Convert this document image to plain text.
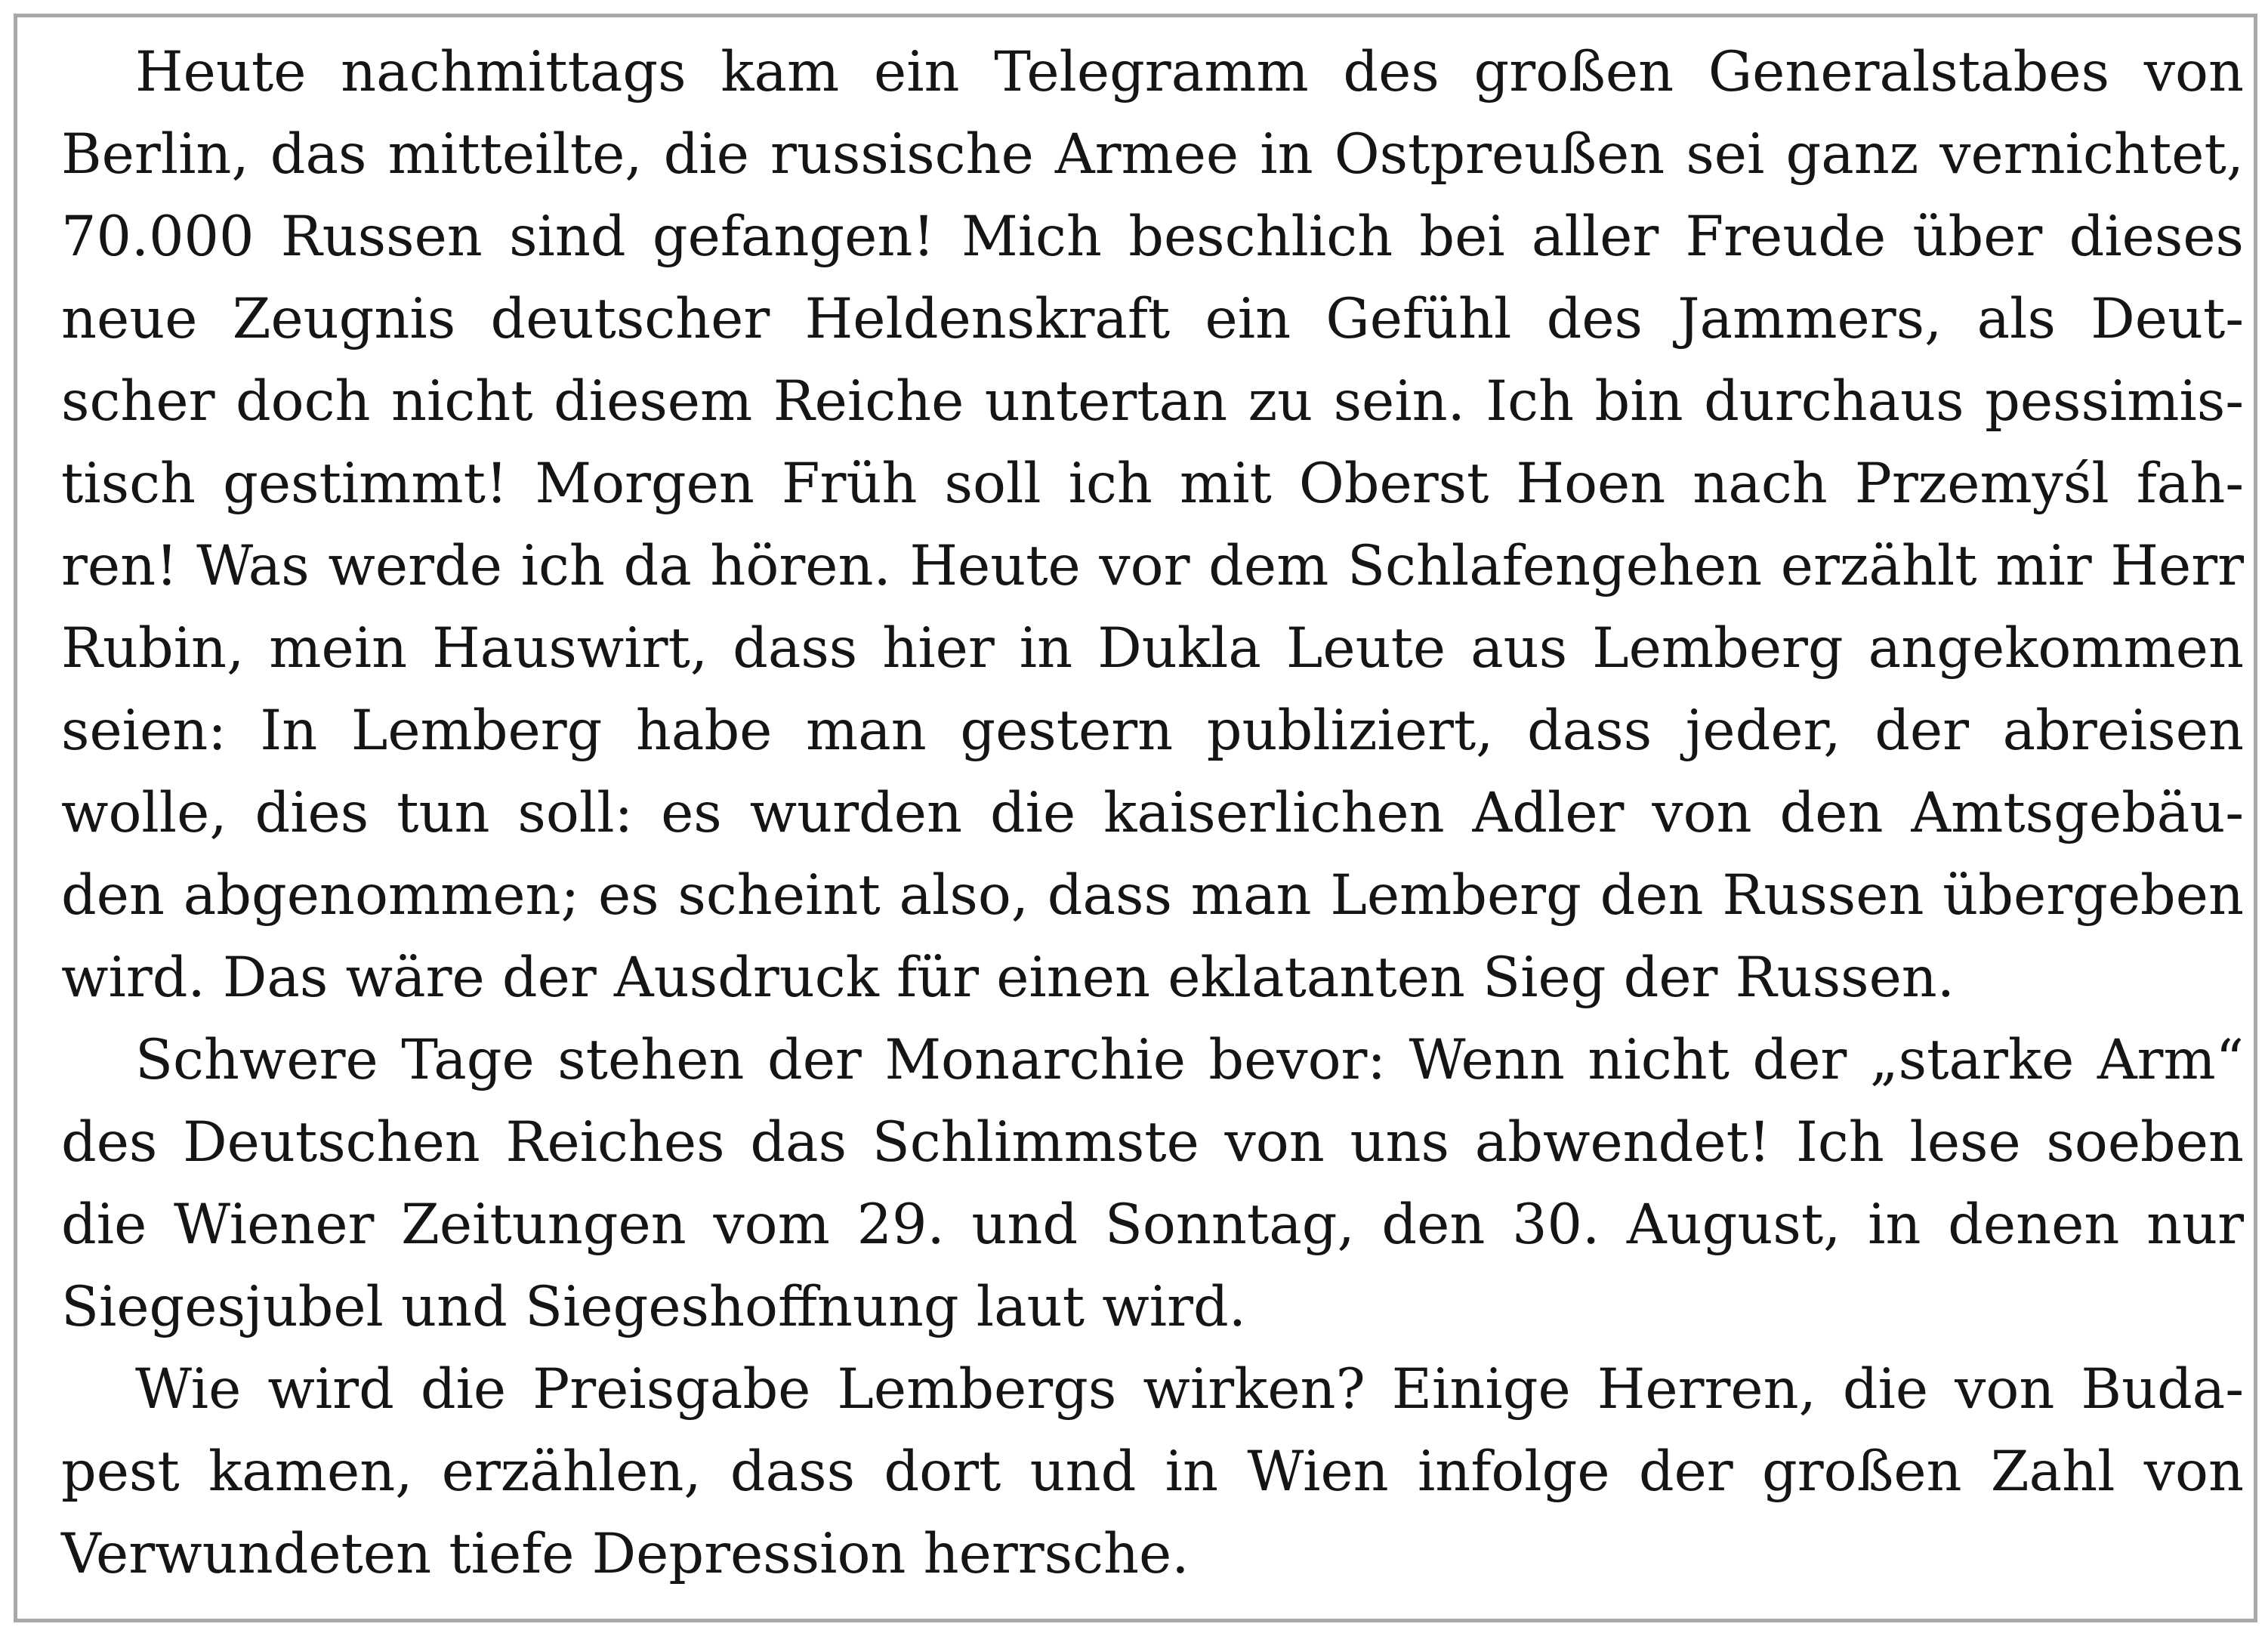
Heute nachmittags kam ein Telegramm des großen Generalstabes von
Berlin, das mitteilte, die russische Armee in Ostpreußen sei ganz vernichtet,
70.000 Russen sind gefangen! Mich beschlich bei aller Freude über dieses
neue Zeugnis deutscher Heldenskraft ein Gefühl des Jammers, als Deut-
scher doch nicht diesem Reiche untertan zu sein. Ich bin durchaus pessimis-
tisch gestimmt! Morgen Früh soll ich mit Oberst Hoen nach Przemyśl fah-
ren! Was werde ich da hören. Heute vor dem Schlafengehen erzählt mir Herr
Rubin, mein Hauswirt, dass hier in Dukla Leute aus Lemberg angekommen
seien: In Lemberg habe man gestern publiziert, dass jeder, der abreisen
wolle, dies tun soll: es wurden die kaiserlichen Adler von den Amtsgebäu-
den abgenommen; es scheint also, dass man Lemberg den Russen übergeben
wird. Das wäre der Ausdruck für einen eklatanten Sieg der Russen.
Schwere Tage stehen der Monarchie bevor: Wenn nicht der „starke Arm“
des Deutschen Reiches das Schlimmste von uns abwendet! Ich lese soeben
die Wiener Zeitungen vom 29. und Sonntag, den 30. August, in denen nur
Siegesjubel und Siegeshoffnung laut wird.
Wie wird die Preisgabe Lembergs wirken? Einige Herren, die von Buda-
pest kamen, erzählen, dass dort und in Wien infolge der großen Zahl von
Verwundeten tiefe Depression herrsche.
